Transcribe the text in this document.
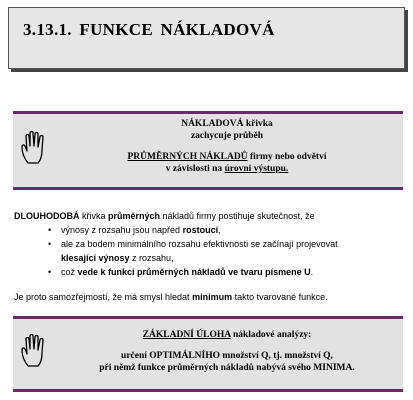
3.13.1. FUNKCE NÁKLADOVÁ
NÁKLADOVÁ křivka
zachycuje průběh
PRŮMĚRNÝCH NÁKLADŮ firmy nebo odvětví
v závislosti na úrovni výstupu.
DLOUHODOBÁ křivka průměrných nákladů firmy postihuje skutečnost, že
• výnosy z rozsahu jsou napřed rostoucí,
• ale za bodem minimálního rozsahu efektivnosti se začínají projevovat
klesající výnosy z rozsahu,
• což vede k funkci průměrných nákladů ve tvaru písmene U.
Je proto samozřejmostí, že má smysl hledat minimum takto tvarované funkce.
ZÁKLADNÍ ÚLOHA nákladové analýzy:
určení OPTIMÁLNÍHO množství Q, tj. množství Q,
při němž funkce průměrných nákladů nabývá svého MINIMA.
